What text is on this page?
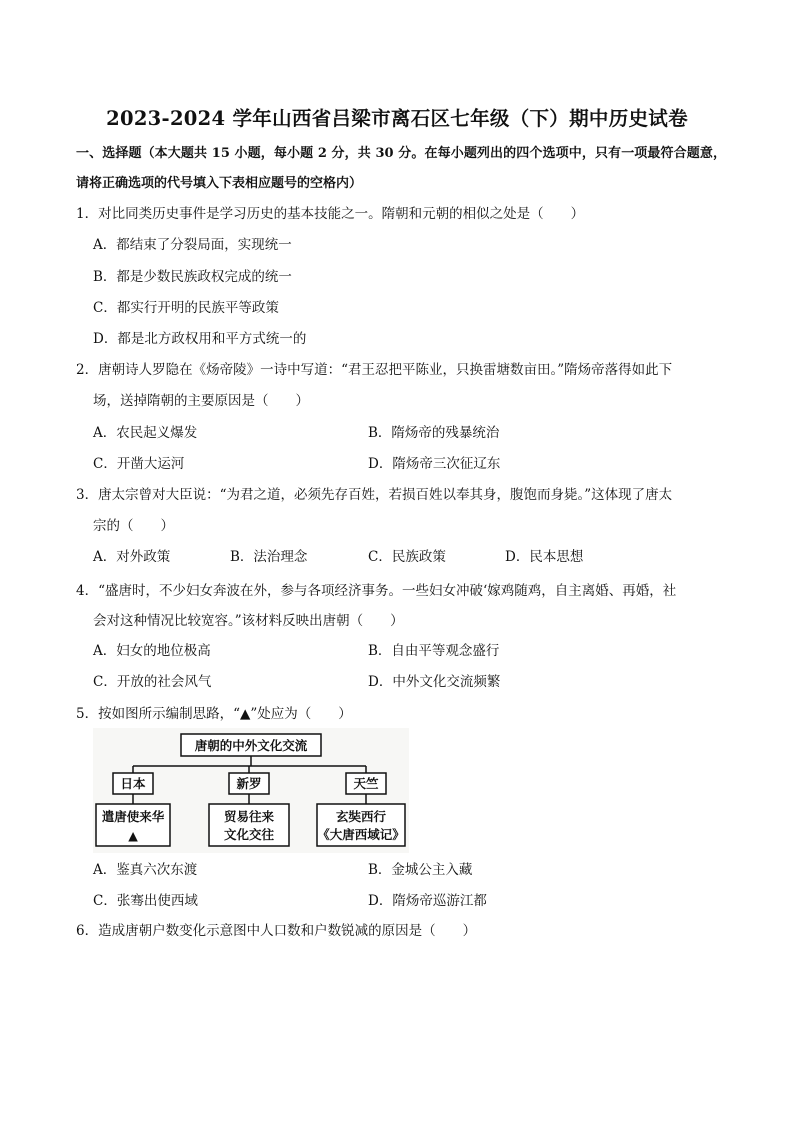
2023-2024 学年山西省吕梁市离石区七年级（下）期中历史试卷
一、选择题（本大题共 15 小题，每小题 2 分，共 30 分。在每小题列出的四个选项中，只有一项最符合题意，请将正确选项的代号填入下表相应题号的空格内）
1．对比同类历史事件是学习历史的基本技能之一。隋朝和元朝的相似之处是（　　）
A．都结束了分裂局面，实现统一
B．都是少数民族政权完成的统一
C．都实行开明的民族平等政策
D．都是北方政权用和平方式统一的
2．唐朝诗人罗隐在《炀帝陵》一诗中写道：“君王忍把平陈业，只换雷塘数亩田。”隋炀帝落得如此下
场，送掉隋朝的主要原因是（　　）
A．农民起义爆发	B．隋炀帝的残暴统治
C．开凿大运河	D．隋炀帝三次征辽东
3．唐太宗曾对大臣说：“为君之道，必须先存百姓，若损百姓以奉其身，腹饱而身毙。”这体现了唐太
宗的（　　）
A．对外政策	B．法治理念	C．民族政策	D．民本思想
4．“盛唐时，不少妇女奔波在外，参与各项经济事务。一些妇女冲破‘嫁鸡随鸡，自主离婚、再婚，社
会对这种情况比较宽容。”该材料反映出唐朝（　　）
A．妇女的地位极高	B．自由平等观念盛行
C．开放的社会风气	D．中外文化交流频繁
5．按如图所示编制思路，“▲”处应为（　　）
唐朝的中外文化交流
日本	新罗	天竺
遣唐使来华
▲
贸易往来
文化交往
玄奘西行
《大唐西域记》
A．鉴真六次东渡	B．金城公主入藏
C．张骞出使西域	D．隋炀帝巡游江都
6．造成唐朝户数变化示意图中人口数和户数锐减的原因是（　　）
